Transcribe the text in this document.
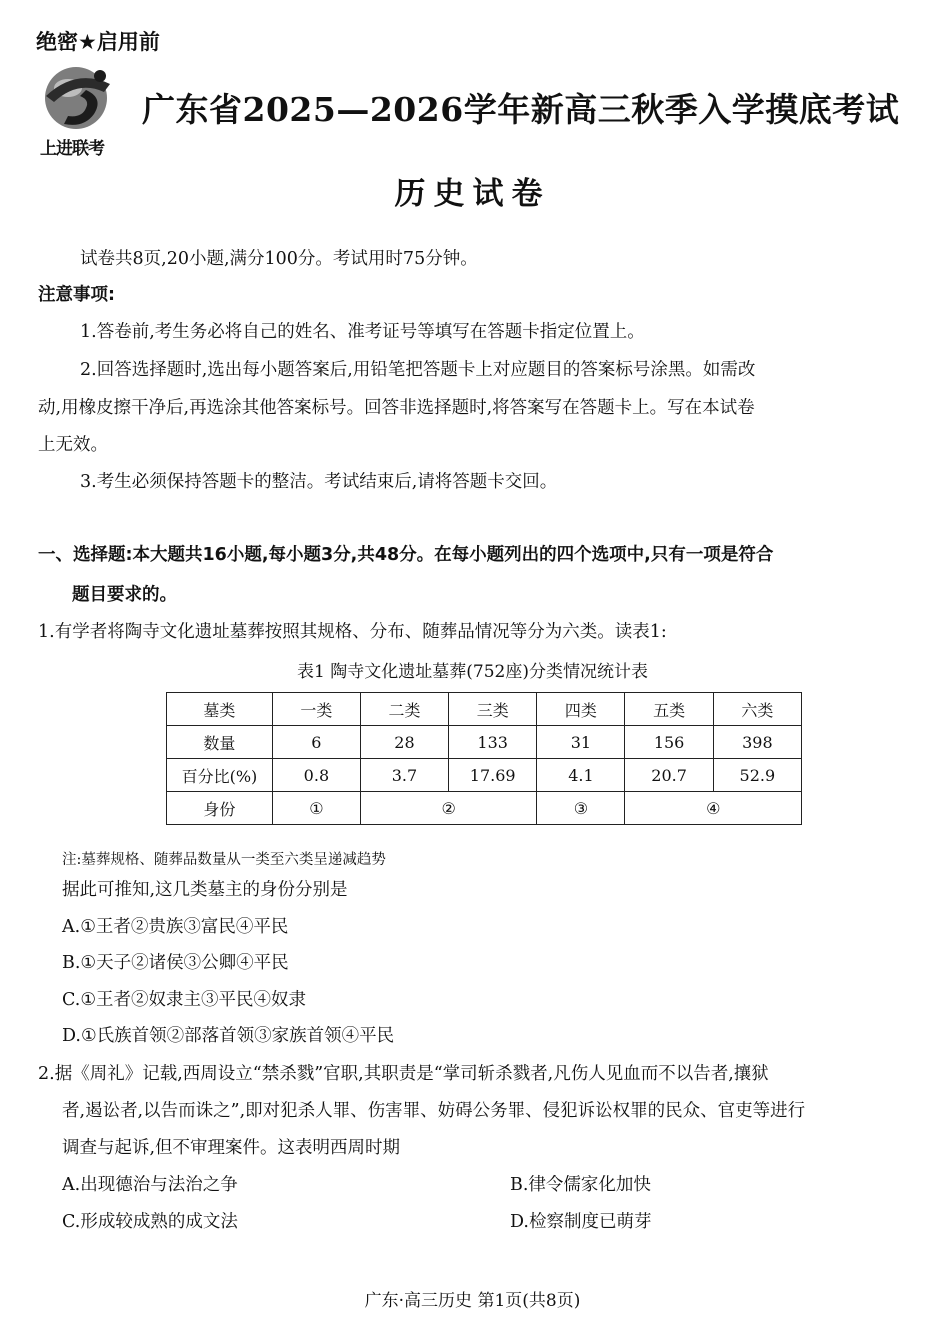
绝密★启用前
上进联考
广东省2025—2026学年新高三秋季入学摸底考试
历史试卷
试卷共8页,20小题,满分100分。考试用时75分钟。
注意事项:
1.答卷前,考生务必将自己的姓名、准考证号等填写在答题卡指定位置上。
2.回答选择题时,选出每小题答案后,用铅笔把答题卡上对应题目的答案标号涂黑。如需改
动,用橡皮擦干净后,再选涂其他答案标号。回答非选择题时,将答案写在答题卡上。写在本试卷
上无效。
3.考生必须保持答题卡的整洁。考试结束后,请将答题卡交回。
一、选择题:本大题共16小题,每小题3分,共48分。在每小题列出的四个选项中,只有一项是符合
题目要求的。
1.有学者将陶寺文化遗址墓葬按照其规格、分布、随葬品情况等分为六类。读表1:
表1 陶寺文化遗址墓葬(752座)分类情况统计表
墓类	一类	二类	三类	四类	五类	六类
数量	6	28	133	31	156	398
百分比(%)	0.8	3.7	17.69	4.1	20.7	52.9
身份	①	②		③	④	
注:墓葬规格、随葬品数量从一类至六类呈递减趋势
据此可推知,这几类墓主的身份分别是
A.①王者②贵族③富民④平民
B.①天子②诸侯③公卿④平民
C.①王者②奴隶主③平民④奴隶
D.①氏族首领②部落首领③家族首领④平民
2.据《周礼》记载,西周设立“禁杀戮”官职,其职责是“掌司斩杀戮者,凡伤人见血而不以告者,攘狱
者,遏讼者,以告而诛之”,即对犯杀人罪、伤害罪、妨碍公务罪、侵犯诉讼权罪的民众、官吏等进行
调查与起诉,但不审理案件。这表明西周时期
A.出现德治与法治之争	B.律令儒家化加快
C.形成较成熟的成文法	D.检察制度已萌芽
广东·高三历史 第1页(共8页)
